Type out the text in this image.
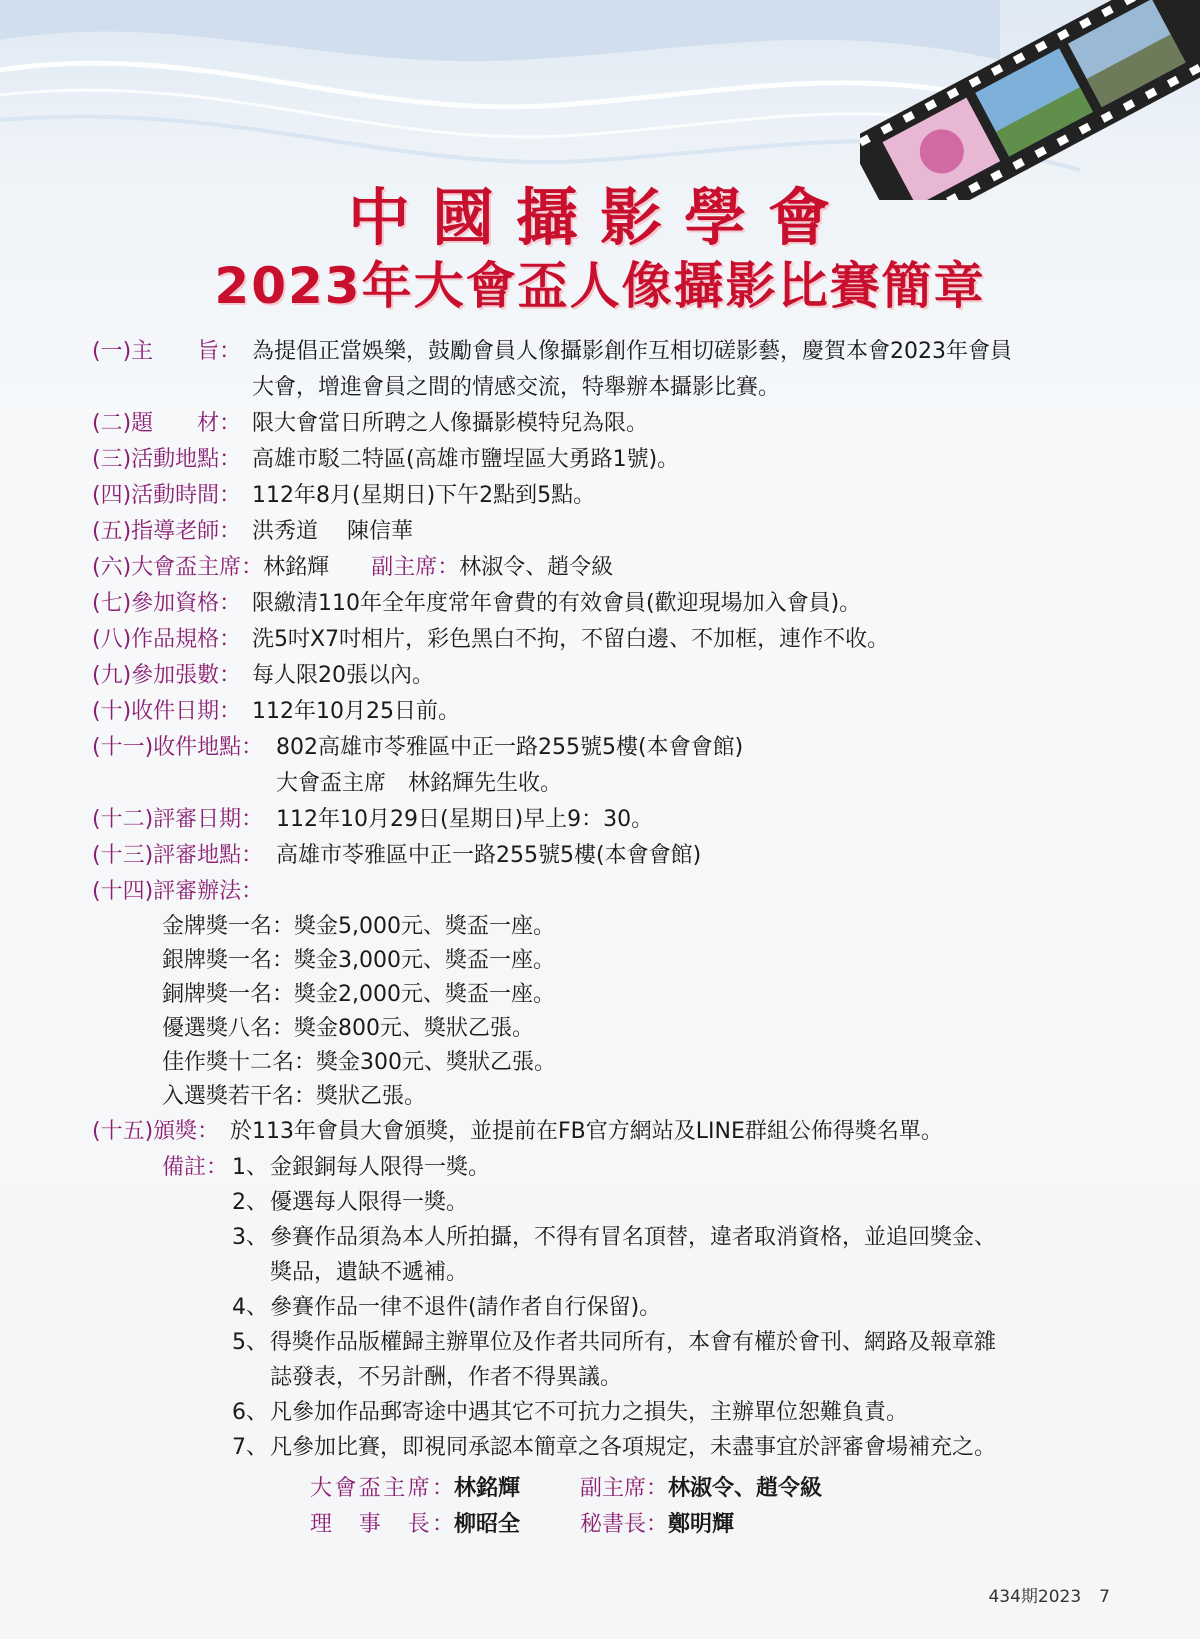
中國攝影學會
2023年大會盃人像攝影比賽簡章
(一)主　　旨： 為提倡正當娛樂，鼓勵會員人像攝影創作互相切磋影藝，慶賀本會2023年會員
大會，增進會員之間的情感交流，特舉辦本攝影比賽。
(二)題　　材： 限大會當日所聘之人像攝影模特兒為限。
(三)活動地點： 高雄市駁二特區(高雄市鹽埕區大勇路1號)。
(四)活動時間： 112年8月(星期日)下午2點到5點。
(五)指導老師： 洪秀道　 陳信華
(六)大會盃主席： 林銘輝 副主席： 林淑令、趙令級
(七)參加資格： 限繳清110年全年度常年會費的有效會員(歡迎現場加入會員)。
(八)作品規格： 洗5吋X7吋相片，彩色黑白不拘，不留白邊、不加框，連作不收。
(九)參加張數： 每人限20張以內。
(十)收件日期： 112年10月25日前。
(十一)收件地點： 802高雄市苓雅區中正一路255號5樓(本會會館)
大會盃主席　林銘輝先生收。
(十二)評審日期： 112年10月29日(星期日)早上9：30。
(十三)評審地點： 高雄市苓雅區中正一路255號5樓(本會會館)
(十四)評審辦法：
金牌獎一名：獎金5,000元、獎盃一座。
銀牌獎一名：獎金3,000元、獎盃一座。
銅牌獎一名：獎金2,000元、獎盃一座。
優選獎八名：獎金800元、獎狀乙張。
佳作獎十二名：獎金300元、獎狀乙張。
入選獎若干名：獎狀乙張。
(十五)頒獎： 於113年會員大會頒獎，並提前在FB官方網站及LINE群組公佈得獎名單。
備註： 1、 金銀銅每人限得一獎。
2、 優選每人限得一獎。
3、 參賽作品須為本人所拍攝，不得有冒名頂替，違者取消資格，並追回獎金、
獎品，遺缺不遞補。
4、 參賽作品一律不退件(請作者自行保留)。
5、 得獎作品版權歸主辦單位及作者共同所有，本會有權於會刊、網路及報章雜
誌發表，不另計酬，作者不得異議。
6、 凡參加作品郵寄途中遇其它不可抗力之損失，主辦單位恕難負責。
7、 凡參加比賽，即視同承認本簡章之各項規定，未盡事宜於評審會場補充之。
大會盃主席： 林銘輝	副主席： 林淑令、趙令級
理　事　長： 柳昭全	秘書長： 鄭明輝
434期2023 7
